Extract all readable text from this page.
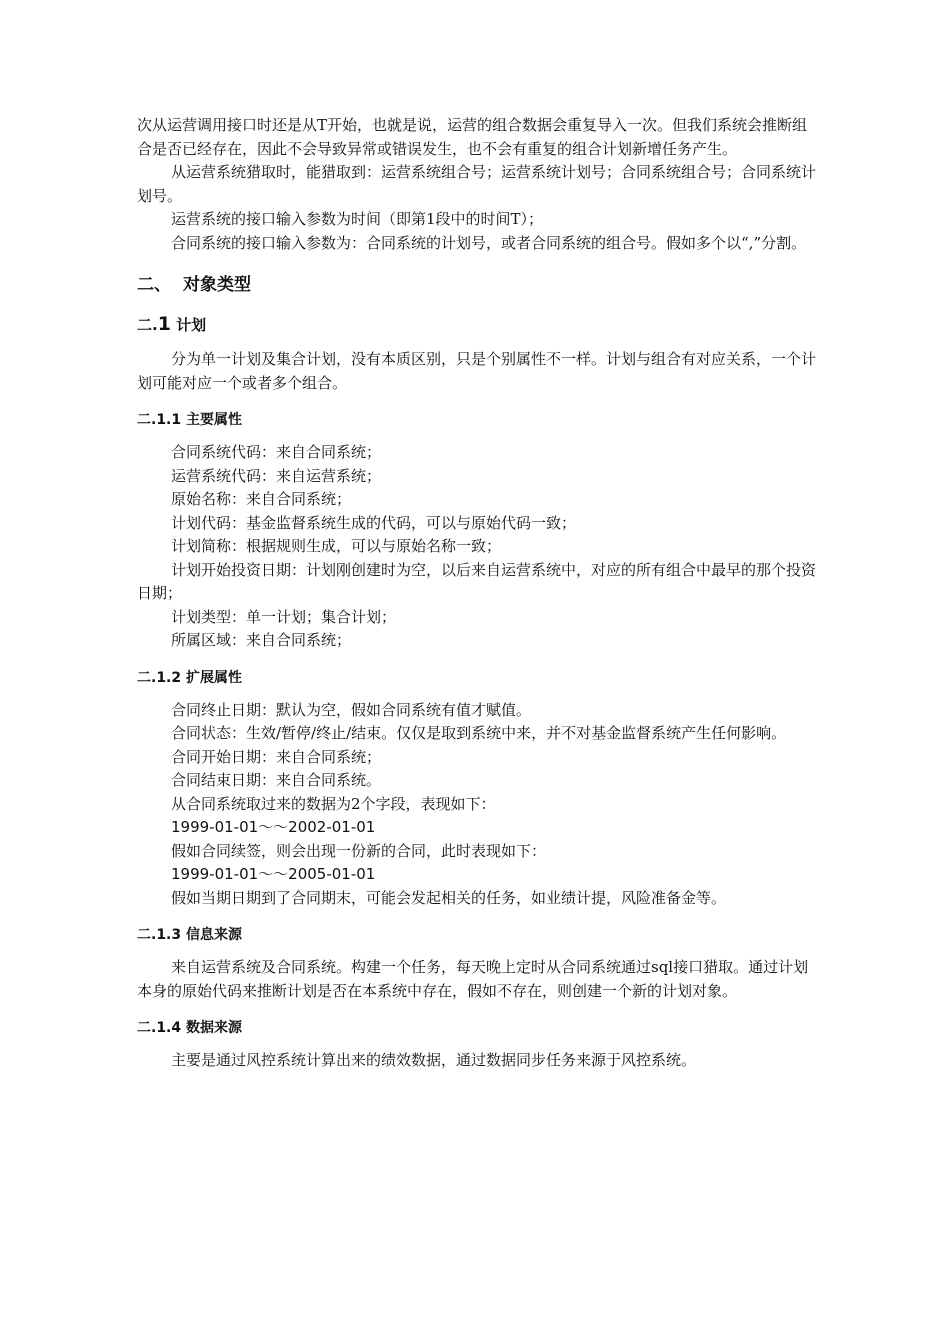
次从运营调用接口时还是从T开始，也就是说，运营的组合数据会重复导入一次。但我们系统会推断组合是否已经存在，因此不会导致异常或错误发生，也不会有重复的组合计划新增任务产生。

从运营系统猎取时，能猎取到：运营系统组合号；运营系统计划号；合同系统组合号；合同系统计划号。

运营系统的接口输入参数为时间（即第1段中的时间T）；

合同系统的接口输入参数为：合同系统的计划号，或者合同系统的组合号。假如多个以“,”分割。

二、 对象类型
二.1 计划

分为单一计划及集合计划，没有本质区别，只是个别属性不一样。计划与组合有对应关系，一个计划可能对应一个或者多个组合。

二.1.1 主要属性

合同系统代码：来自合同系统；

运营系统代码：来自运营系统；

原始名称：来自合同系统；

计划代码：基金监督系统生成的代码，可以与原始代码一致；

计划简称：根据规则生成，可以与原始名称一致；

计划开始投资日期：计划刚创建时为空，以后来自运营系统中，对应的所有组合中最早的那个投资日期；

计划类型：单一计划；集合计划；

所属区域：来自合同系统；

二.1.2 扩展属性

合同终止日期：默认为空，假如合同系统有值才赋值。

合同状态：生效/暂停/终止/结束。仅仅是取到系统中来，并不对基金监督系统产生任何影响。

合同开始日期：来自合同系统；

合同结束日期：来自合同系统。

从合同系统取过来的数据为2个字段，表现如下：

1999-01-01～～2002-01-01

假如合同续签，则会出现一份新的合同，此时表现如下：

1999-01-01～～2005-01-01

假如当期日期到了合同期末，可能会发起相关的任务，如业绩计提，风险准备金等。

二.1.3 信息来源

来自运营系统及合同系统。构建一个任务，每天晚上定时从合同系统通过sql接口猎取。通过计划本身的原始代码来推断计划是否在本系统中存在，假如不存在，则创建一个新的计划对象。

二.1.4 数据来源

主要是通过风控系统计算出来的绩效数据，通过数据同步任务来源于风控系统。
